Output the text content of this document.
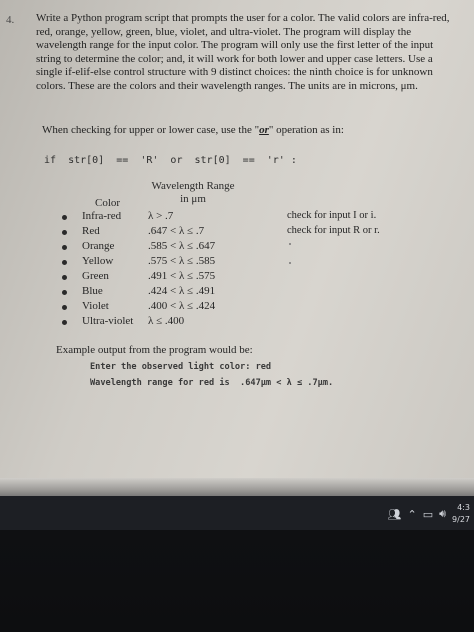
4. Write a Python program script that prompts the user for a color. The valid colors are infra-red, red, orange, yellow, green, blue, violet, and ultra-violet. The program will display the wavelength range for the input color. The program will only use the first letter of the input string to determine the color; and, it will work for both lower and upper case letters. Use a single if-elif-else control structure with 9 distinct choices: the ninth choice is for unknown colors. These are the colors and their wavelength ranges. The units are in microns, μm.

When checking for upper or lower case, use the "or" operation as in:

if  str[0]  ==  'R'  or  str[0]  ==  'r' :
Wavelength Range
in μm
Color
Infra-red λ > .7	check for input I or i.
Red	.647 < λ ≤ .7	check for input R or r.
Orange	.585 < λ ≤ .647
Yellow	.575 < λ ≤ .585
Green	.491 < λ ≤ .575
Blue	.424 < λ ≤ .491
Violet	.400 < λ ≤ .424
Ultra-violet λ ≤ .400
Example output from the program would be:
Enter the observed light color: red
Wavelength range for red is  .647μm < λ ≤ .7μm.
👥︎ ⌃ ▭ 🔊︎ 4:3
9/27
